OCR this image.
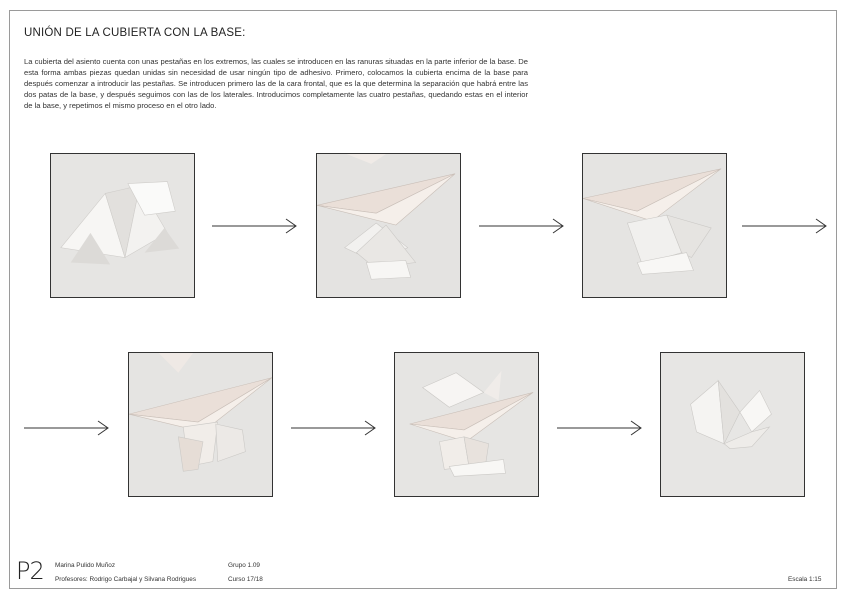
UNIÓN DE LA CUBIERTA CON LA BASE:
La cubierta del asiento cuenta con unas pestañas en los extremos, las cuales se introducen en las ranuras situadas en la parte inferior de la base. De esta forma ambas piezas quedan unidas sin necesidad de usar ningún tipo de adhesivo. Primero, colocamos la cubierta encima de la base para después comenzar a introducir las pestañas. Se introducen primero las de la cara frontal, que es la que determina la separación que habrá entre las dos patas de la base, y después seguimos con las de los laterales. Introducimos completamente las cuatro pestañas, quedando estas en el interior de la base, y repetimos el mismo proceso en el otro lado.
P2 Marina Pulido Muñoz
Profesores: Rodrigo Carbajal y Silvana Rodrigues
Grupo 1.09
Curso 17/18	Escala 1:15
